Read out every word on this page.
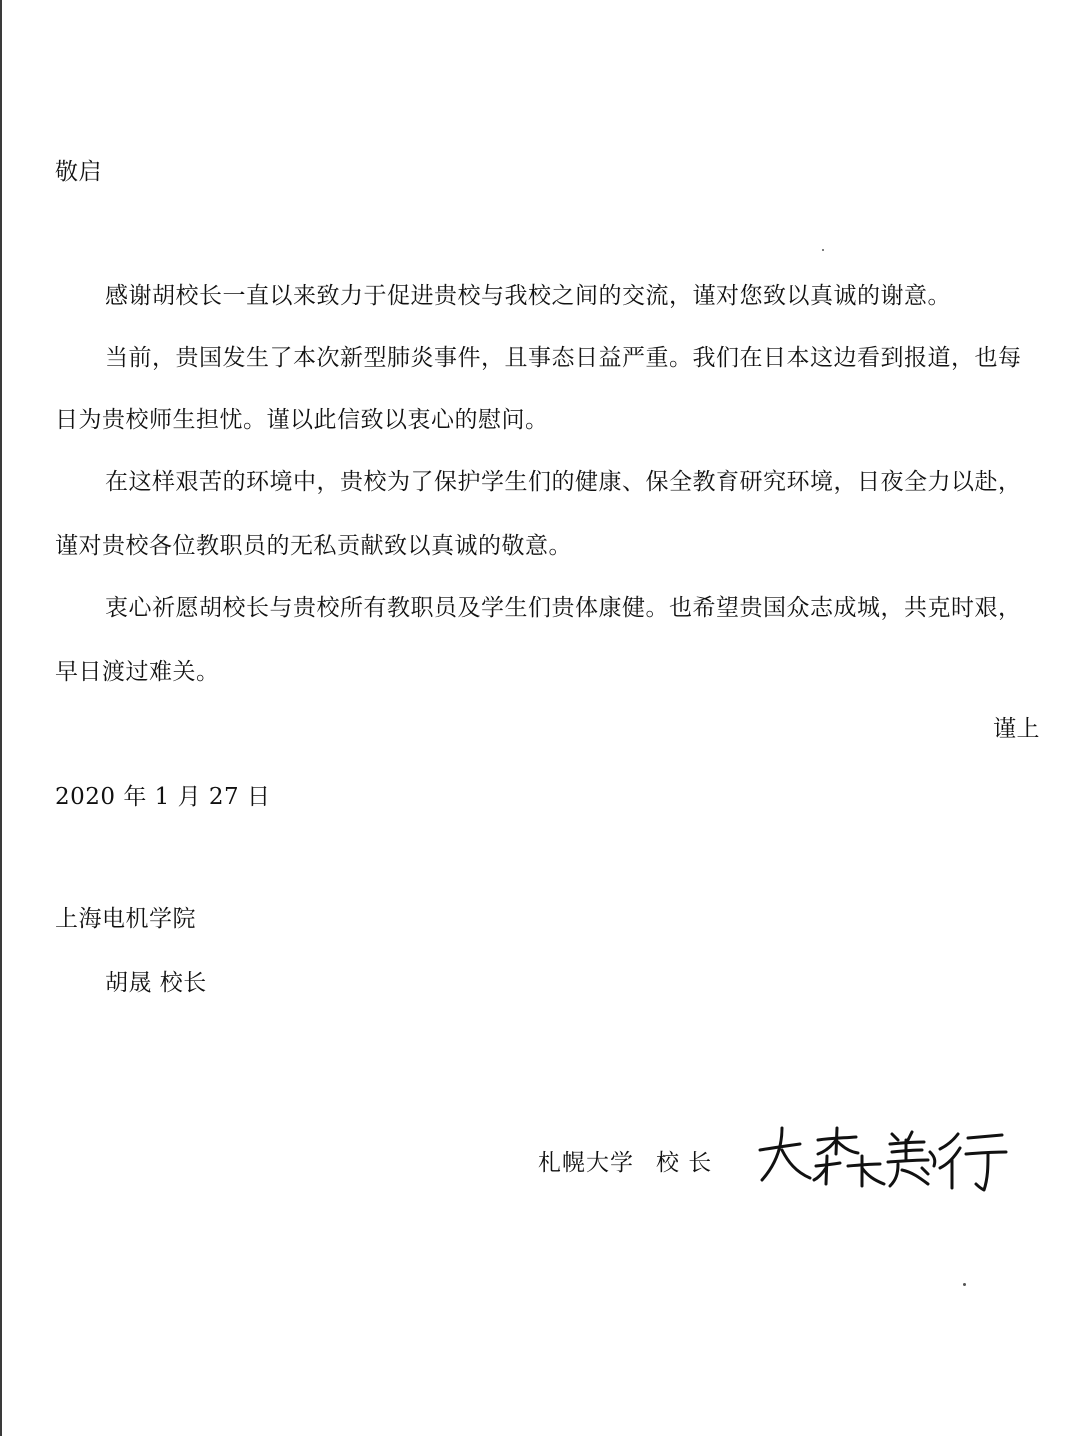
敬启
感谢胡校长一直以来致力于促进贵校与我校之间的交流，谨对您致以真诚的谢意。
当前，贵国发生了本次新型肺炎事件，且事态日益严重。我们在日本这边看到报道，也每
日为贵校师生担忧。谨以此信致以衷心的慰问。
在这样艰苦的环境中，贵校为了保护学生们的健康、保全教育研究环境，日夜全力以赴，
谨对贵校各位教职员的无私贡献致以真诚的敬意。
衷心祈愿胡校长与贵校所有教职员及学生们贵体康健。也希望贵国众志成城，共克时艰，
早日渡过难关。
谨上
2020 年 1 月 27 日
上海电机学院
胡晟 校长
札幌大学 校 长
